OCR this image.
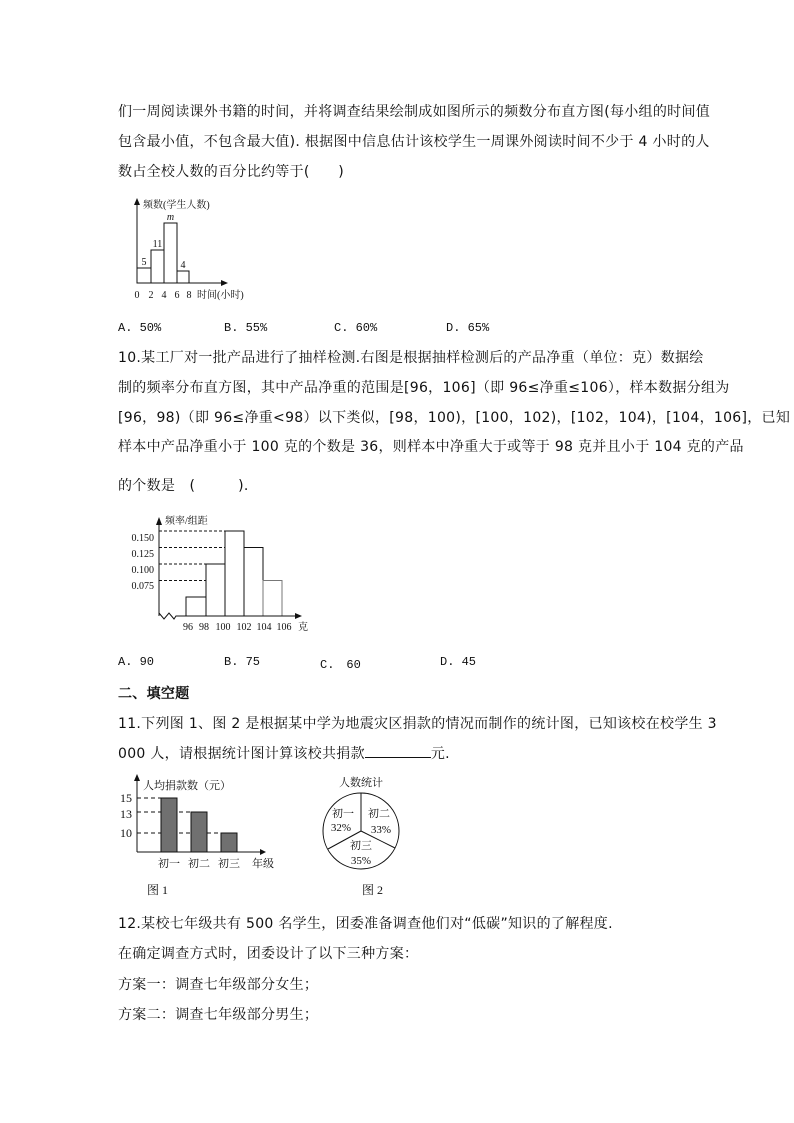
们一周阅读课外书籍的时间，并将调查结果绘制成如图所示的频数分布直方图(每小组的时间值
包含最小值，不包含最大值). 根据图中信息估计该校学生一周课外阅读时间不少于 4 小时的人
数占全校人数的百分比约等于(　　)
频数(学生人数)
时间(小时)
0 2 4 6 8
5
11
m
4
A. 50%	B. 55%	C. 60%	D. 65%
10.某工厂对一批产品进行了抽样检测.右图是根据抽样检测后的产品净重（单位：克）数据绘
制的频率分布直方图，其中产品净重的范围是[96，106]（即 96≤净重≤106），样本数据分组为
[96，98)（即 96≤净重<98）以下类似，[98，100)，[100，102)，[102，104)，[104，106]，已知
样本中产品净重小于 100 克的个数是 36，则样本中净重大于或等于 98 克并且小于 104 克的产品
的个数是　(　　　).
频率/组距
0.150
0.125
0.100
0.075
96 98 100 102 104 106 克
A. 90	B. 75	C.　60	D. 45
二、填空题
11.下列图 1、图 2 是根据某中学为地震灾区捐款的情况而制作的统计图，已知该校在校学生 3
000 人，请根据统计图计算该校共捐款	元.
人均捐款数（元）
15
13
10
初一 初二 初三 年级
图 1
人数统计
初二
33%
初三
35%
初一
32%
图 2
12.某校七年级共有 500 名学生，团委准备调查他们对“低碳”知识的了解程度.
在确定调查方式时，团委设计了以下三种方案：
方案一：调查七年级部分女生；
方案二：调查七年级部分男生；
